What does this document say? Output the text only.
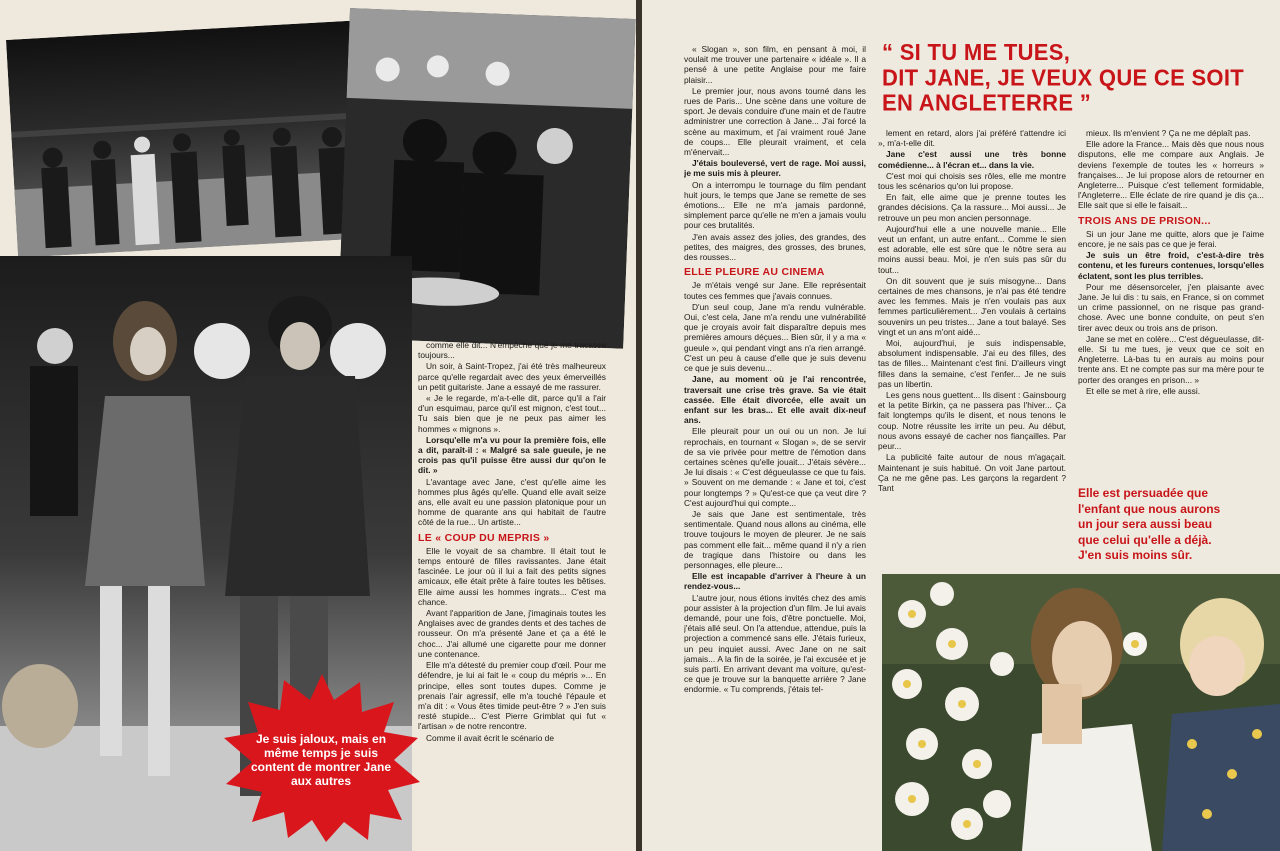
Je suis jaloux, mais en même temps je suis content de montrer Jane aux autres

comme elle dit... N'empêche que je me tracasse toujours...

Un soir, à Saint-Tropez, j'ai été très malheureux parce qu'elle regardait avec des yeux émerveillés un petit guitariste. Jane a essayé de me rassurer.

« Je le regarde, m'a-t-elle dit, parce qu'il a l'air d'un esquimau, parce qu'il est mignon, c'est tout... Tu sais bien que je ne peux pas aimer les hommes « mignons ».

Lorsqu'elle m'a vu pour la première fois, elle a dit, paraît-il : « Malgré sa sale gueule, je ne crois pas qu'il puisse être aussi dur qu'on le dit. »

L'avantage avec Jane, c'est qu'elle aime les hommes plus âgés qu'elle. Quand elle avait seize ans, elle avait eu une passion platonique pour un homme de quarante ans qui habitait de l'autre côté de la rue... Un artiste...

LE « COUP DU MEPRIS »

Elle le voyait de sa chambre. Il était tout le temps entouré de filles ravissantes. Jane était fascinée. Le jour où il lui a fait des petits signes amicaux, elle était prête à faire toutes les bêtises. Elle aime aussi les hommes ingrats... C'est ma chance.

Avant l'apparition de Jane, j'imaginais toutes les Anglaises avec de grandes dents et des taches de rousseur. On m'a présenté Jane et ça a été le choc... J'ai allumé une cigarette pour me donner une contenance.

Elle m'a détesté du premier coup d'œil. Pour me défendre, je lui ai fait le « coup du mépris »... En principe, elles sont toutes dupes. Comme je prenais l'air agressif, elle m'a touché l'épaule et m'a dit : « Vous êtes timide peut-être ? » J'en suis resté stupide... C'est Pierre Grimblat qui fut « l'artisan » de notre rencontre.

Comme il avait écrit le scénario de

“ SI TU ME TUES,
DIT JANE, JE VEUX QUE CE SOIT
EN ANGLETERRE ”

« Slogan », son film, en pensant à moi, il voulait me trouver une partenaire « idéale ». Il a pensé à une petite Anglaise pour me faire plaisir...

Le premier jour, nous avons tourné dans les rues de Paris... Une scène dans une voiture de sport. Je devais conduire d'une main et de l'autre administrer une correction à Jane... J'ai forcé la scène au maximum, et j'ai vraiment roué Jane de coups... Elle pleurait vraiment, et cela m'énervait...

J'étais bouleversé, vert de rage. Moi aussi, je me suis mis à pleurer.

On a interrompu le tournage du film pendant huit jours, le temps que Jane se remette de ses émotions... Elle ne m'a jamais pardonné, simplement parce qu'elle ne m'en a jamais voulu pour ces brutalités.

J'en avais assez des jolies, des grandes, des petites, des maigres, des grosses, des brunes, des rousses...

ELLE PLEURE AU CINEMA

Je m'étais vengé sur Jane. Elle représentait toutes ces femmes que j'avais connues.

D'un seul coup, Jane m'a rendu vulnérable. Oui, c'est cela, Jane m'a rendu une vulnérabilité que je croyais avoir fait disparaître depuis mes premières amours déçues... Bien sûr, il y a ma « gueule », qui pendant vingt ans n'a rien arrangé. C'est un peu à cause d'elle que je suis devenu ce que je suis devenu...

Jane, au moment où je l'ai rencontrée, traversait une crise très grave. Sa vie était cassée. Elle était divorcée, elle avait un enfant sur les bras... Et elle avait dix-neuf ans.

Elle pleurait pour un oui ou un non. Je lui reprochais, en tournant « Slogan », de se servir de sa vie privée pour mettre de l'émotion dans certaines scènes qu'elle jouait... J'étais sévère... Je lui disais : « C'est dégueulasse ce que tu fais. » Souvent on me demande : « Jane et toi, c'est pour longtemps ? » Qu'est-ce que ça veut dire ? C'est aujourd'hui qui compte...

Je sais que Jane est sentimentale, très sentimentale. Quand nous allons au cinéma, elle trouve toujours le moyen de pleurer. Je ne sais pas comment elle fait... même quand il n'y a rien de tragique dans l'histoire ou dans les personnages, elle pleure...

Elle est incapable d'arriver à l'heure à un rendez-vous...

L'autre jour, nous étions invités chez des amis pour assister à la projection d'un film. Je lui avais demandé, pour une fois, d'être ponctuelle. Moi, j'étais allé seul. On l'a attendue, attendue, puis la projection a commencé sans elle. J'étais furieux, un peu inquiet aussi. Avec Jane on ne sait jamais... A la fin de la soirée, je l'ai excusée et je suis parti. En arrivant devant ma voiture, qu'est-ce que je trouve sur la banquette arrière ? Jane endormie. « Tu comprends, j'étais tel-

lement en retard, alors j'ai préféré t'attendre ici », m'a-t-elle dit.

Jane c'est aussi une très bonne comédienne... à l'écran et... dans la vie.

C'est moi qui choisis ses rôles, elle me montre tous les scénarios qu'on lui propose.

En fait, elle aime que je prenne toutes les grandes décisions. Ça la rassure... Moi aussi... Je retrouve un peu mon ancien personnage.

Aujourd'hui elle a une nouvelle manie... Elle veut un enfant, un autre enfant... Comme le sien est adorable, elle est sûre que le nôtre sera au moins aussi beau. Moi, je n'en suis pas sûr du tout...

On dit souvent que je suis misogyne... Dans certaines de mes chansons, je n'ai pas été tendre avec les femmes. Mais je n'en voulais pas aux femmes particulièrement... J'en voulais à certains souvenirs un peu tristes... Jane a tout balayé. Ses vingt et un ans m'ont aidé...

Moi, aujourd'hui, je suis indispensable, absolument indispensable. J'ai eu des filles, des tas de filles... Maintenant c'est fini. D'ailleurs vingt filles dans la semaine, c'est l'enfer... Je ne suis pas un libertin.

Les gens nous guettent... Ils disent : Gainsbourg et la petite Birkin, ça ne passera pas l'hiver... Ça fait longtemps qu'ils le disent, et nous tenons le coup. Notre réussite les irrite un peu. Au début, nous avons essayé de cacher nos fiançailles. Par peur...

La publicité faite autour de nous m'agaçait. Maintenant je suis habitué. On voit Jane partout. Ça ne me gêne pas. Les garçons la regardent ? Tant

mieux. Ils m'envient ? Ça ne me déplaît pas.

Elle adore la France... Mais dès que nous nous disputons, elle me compare aux Anglais. Je deviens l'exemple de toutes les « horreurs » françaises... Je lui propose alors de retourner en Angleterre... Puisque c'est tellement formidable, l'Angleterre... Elle éclate de rire quand je dis ça... Elle sait que si elle le faisait...

TROIS ANS DE PRISON...

Si un jour Jane me quitte, alors que je l'aime encore, je ne sais pas ce que je ferai.

Je suis un être froid, c'est-à-dire très contenu, et les fureurs contenues, lorsqu'elles éclatent, sont les plus terribles.

Pour me désensorceler, j'en plaisante avec Jane. Je lui dis : tu sais, en France, si on commet un crime passionnel, on ne risque pas grand-chose. Avec une bonne conduite, on peut s'en tirer avec deux ou trois ans de prison.

Jane se met en colère... C'est dégueulasse, dit-elle. Si tu me tues, je veux que ce soit en Angleterre. Là-bas tu en aurais au moins pour trente ans. Et ne compte pas sur ma mère pour te porter des oranges en prison... »

Et elle se met à rire, elle aussi.

Elle est persuadée que
l'enfant que nous aurons
un jour sera aussi beau
que celui qu'elle a déjà.
J'en suis moins sûr.
